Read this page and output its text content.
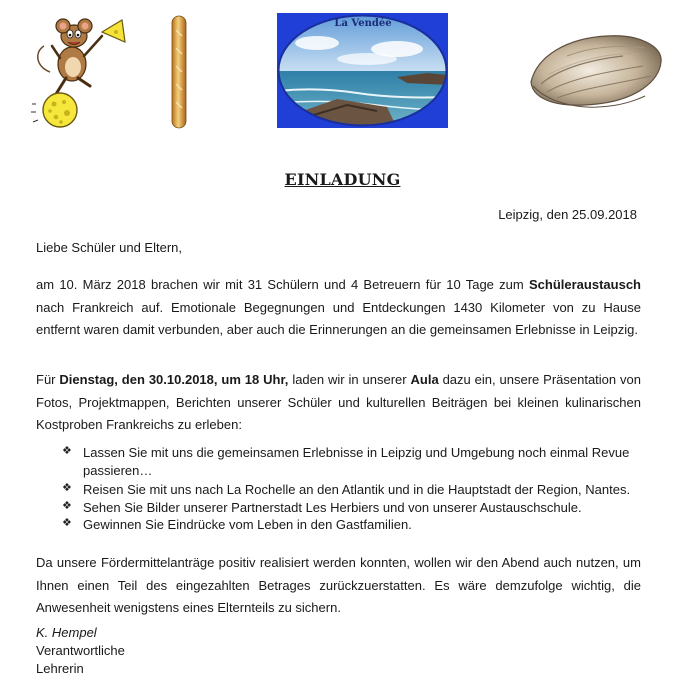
La Vendée
EINLADUNG
Leipzig, den 25.09.2018
Liebe Schüler und Eltern,
am 10. März 2018 brachen wir mit 31 Schülern und 4 Betreuern für 10 Tage zum Schüleraustausch nach Frankreich auf. Emotionale Begegnungen und Entdeckungen 1430 Kilometer von zu Hause entfernt waren damit verbunden, aber auch die Erinnerungen an die gemeinsamen Erlebnisse in Leipzig.
Für Dienstag, den 30.10.2018, um 18 Uhr, laden wir in unserer Aula dazu ein, unsere Präsentation von Fotos, Projektmappen, Berichten unserer Schüler und kulturellen Beiträgen bei kleinen kulinarischen Kostproben Frankreichs zu erleben:
❖ Lassen Sie mit uns die gemeinsamen Erlebnisse in Leipzig und Umgebung noch einmal Revue
passieren…
❖ Reisen Sie mit uns nach La Rochelle an den Atlantik und in die Hauptstadt der Region, Nantes.
❖ Sehen Sie Bilder unserer Partnerstadt Les Herbiers und von unserer Austauschschule.
❖ Gewinnen Sie Eindrücke vom Leben in den Gastfamilien.
Da unsere Fördermittelanträge positiv realisiert werden konnten, wollen wir den Abend auch nutzen, um Ihnen einen Teil des eingezahlten Betrages zurückzuerstatten. Es wäre demzufolge wichtig, die Anwesenheit wenigstens eines Elternteils zu sichern.
K. Hempel
Verantwortliche
Lehrerin
